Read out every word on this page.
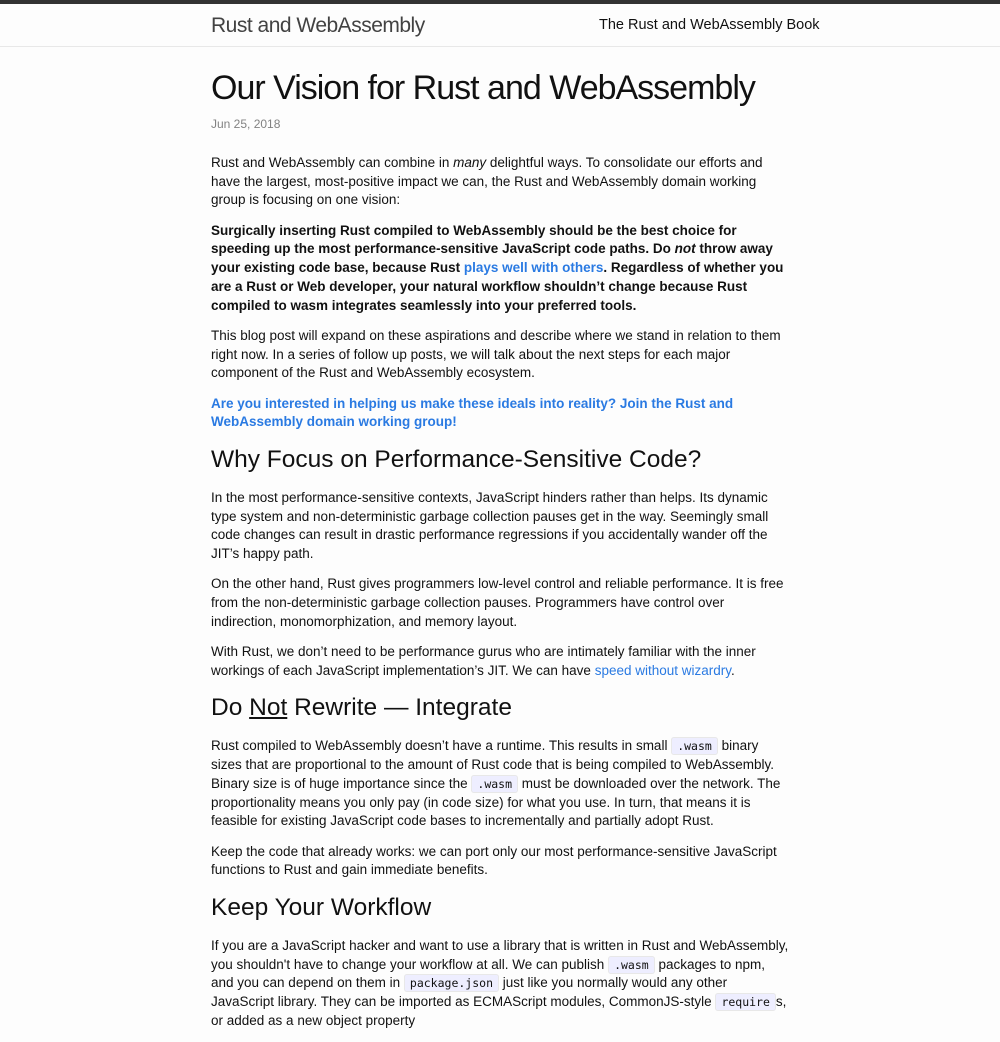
Rust and WebAssembly	The Rust and WebAssembly Book
Our Vision for Rust and WebAssembly
Jun 25, 2018

Rust and WebAssembly can combine in many delightful ways. To consolidate our efforts and have the largest, most-positive impact we can, the Rust and WebAssembly domain working group is focusing on one vision:

Surgically inserting Rust compiled to WebAssembly should be the best choice for speeding up the most performance-sensitive JavaScript code paths. Do not throw away your existing code base, because Rust plays well with others. Regardless of whether you are a Rust or Web developer, your natural workflow shouldn’t change because Rust compiled to wasm integrates seamlessly into your preferred tools.

This blog post will expand on these aspirations and describe where we stand in relation to them right now. In a series of follow up posts, we will talk about the next steps for each major component of the Rust and WebAssembly ecosystem.

Are you interested in helping us make these ideals into reality? Join the Rust and WebAssembly domain working group!

Why Focus on Performance-Sensitive Code?

In the most performance-sensitive contexts, JavaScript hinders rather than helps. Its dynamic type system and non-deterministic garbage collection pauses get in the way. Seemingly small code changes can result in drastic performance regressions if you accidentally wander off the JIT’s happy path.

On the other hand, Rust gives programmers low-level control and reliable performance. It is free from the non-deterministic garbage collection pauses. Programmers have control over indirection, monomorphization, and memory layout.

With Rust, we don’t need to be performance gurus who are intimately familiar with the inner workings of each JavaScript implementation’s JIT. We can have speed without wizardry.

Do Not Rewrite — Integrate

Rust compiled to WebAssembly doesn’t have a runtime. This results in small .wasm binary sizes that are proportional to the amount of Rust code that is being compiled to WebAssembly. Binary size is of huge importance since the .wasm must be downloaded over the network. The proportionality means you only pay (in code size) for what you use. In turn, that means it is feasible for existing JavaScript code bases to incrementally and partially adopt Rust.

Keep the code that already works: we can port only our most performance-sensitive JavaScript functions to Rust and gain immediate benefits.

Keep Your Workflow

If you are a JavaScript hacker and want to use a library that is written in Rust and WebAssembly, you shouldn't have to change your workflow at all. We can publish .wasm packages to npm, and you can depend on them in package.json just like you normally would any other JavaScript library. They can be imported as ECMAScript modules, CommonJS-style require s, or added as a new object property
